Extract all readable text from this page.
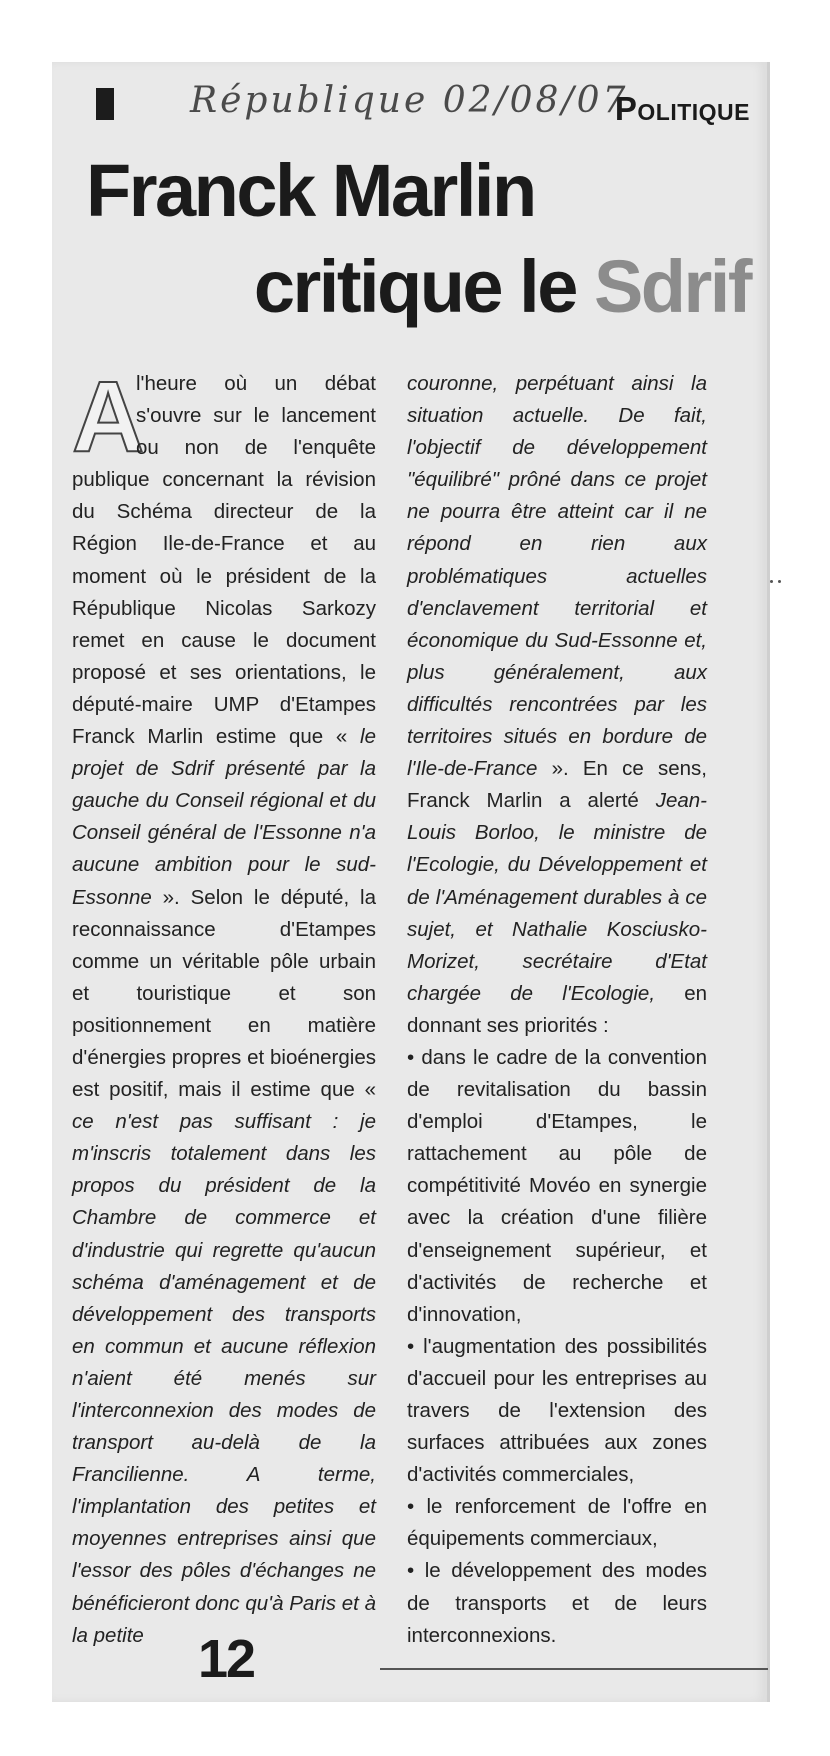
République 02/08/07
Politique
Franck Marlin
critique le Sdrif
A
l'heure où un débat s'ouvre sur le lancement ou non de l'enquête publique concernant la révision du Schéma directeur de la Région Ile-de-France et au moment où le président de la République Nicolas Sarkozy remet en cause le document proposé et ses orientations, le député-maire UMP d'Etampes Franck Marlin estime que « le projet de Sdrif présenté par la gauche du Conseil régional et du Conseil général de l'Essonne n'a aucune ambition pour le sud-Essonne ». Selon le député, la reconnaissance d'Etampes comme un véritable pôle urbain et touristique et son positionnement en matière d'énergies propres et bioénergies est positif, mais il estime que « ce n'est pas suffisant : je m'inscris totalement dans les propos du président de la Chambre de commerce et d'industrie qui regrette qu'aucun schéma d'aménagement et de développement des transports en commun et aucune réflexion n'aient été menés sur l'interconnexion des modes de transport au-delà de la Francilienne. A terme, l'implantation des petites et moyennes entreprises ainsi que l'essor des pôles d'échanges ne bénéficieront donc qu'à Paris et à la petite

couronne, perpétuant ainsi la situation actuelle. De fait, l'objectif de développement "équilibré" prôné dans ce projet ne pourra être atteint car il ne répond en rien aux problématiques actuelles d'enclavement territorial et économique du Sud-Essonne et, plus généralement, aux difficultés rencontrées par les territoires situés en bordure de l'Ile-de-France ». En ce sens, Franck Marlin a alerté Jean-Louis Borloo, le ministre de l'Ecologie, du Développement et de l'Aménagement durables à ce sujet, et Nathalie Kosciusko-Morizet, secrétaire d'Etat chargée de l'Ecologie, en donnant ses priorités :

• dans le cadre de la convention de revitalisation du bassin d'emploi d'Etampes, le rattachement au pôle de compétitivité Movéo en synergie avec la création d'une filière d'enseignement supérieur, et d'activités de recherche et d'innovation,

• l'augmentation des possibilités d'accueil pour les entreprises au travers de l'extension des surfaces attribuées aux zones d'activités commerciales,

• le renforcement de l'offre en équipements commerciaux,

• le développement des modes de transports et de leurs interconnexions.

12
